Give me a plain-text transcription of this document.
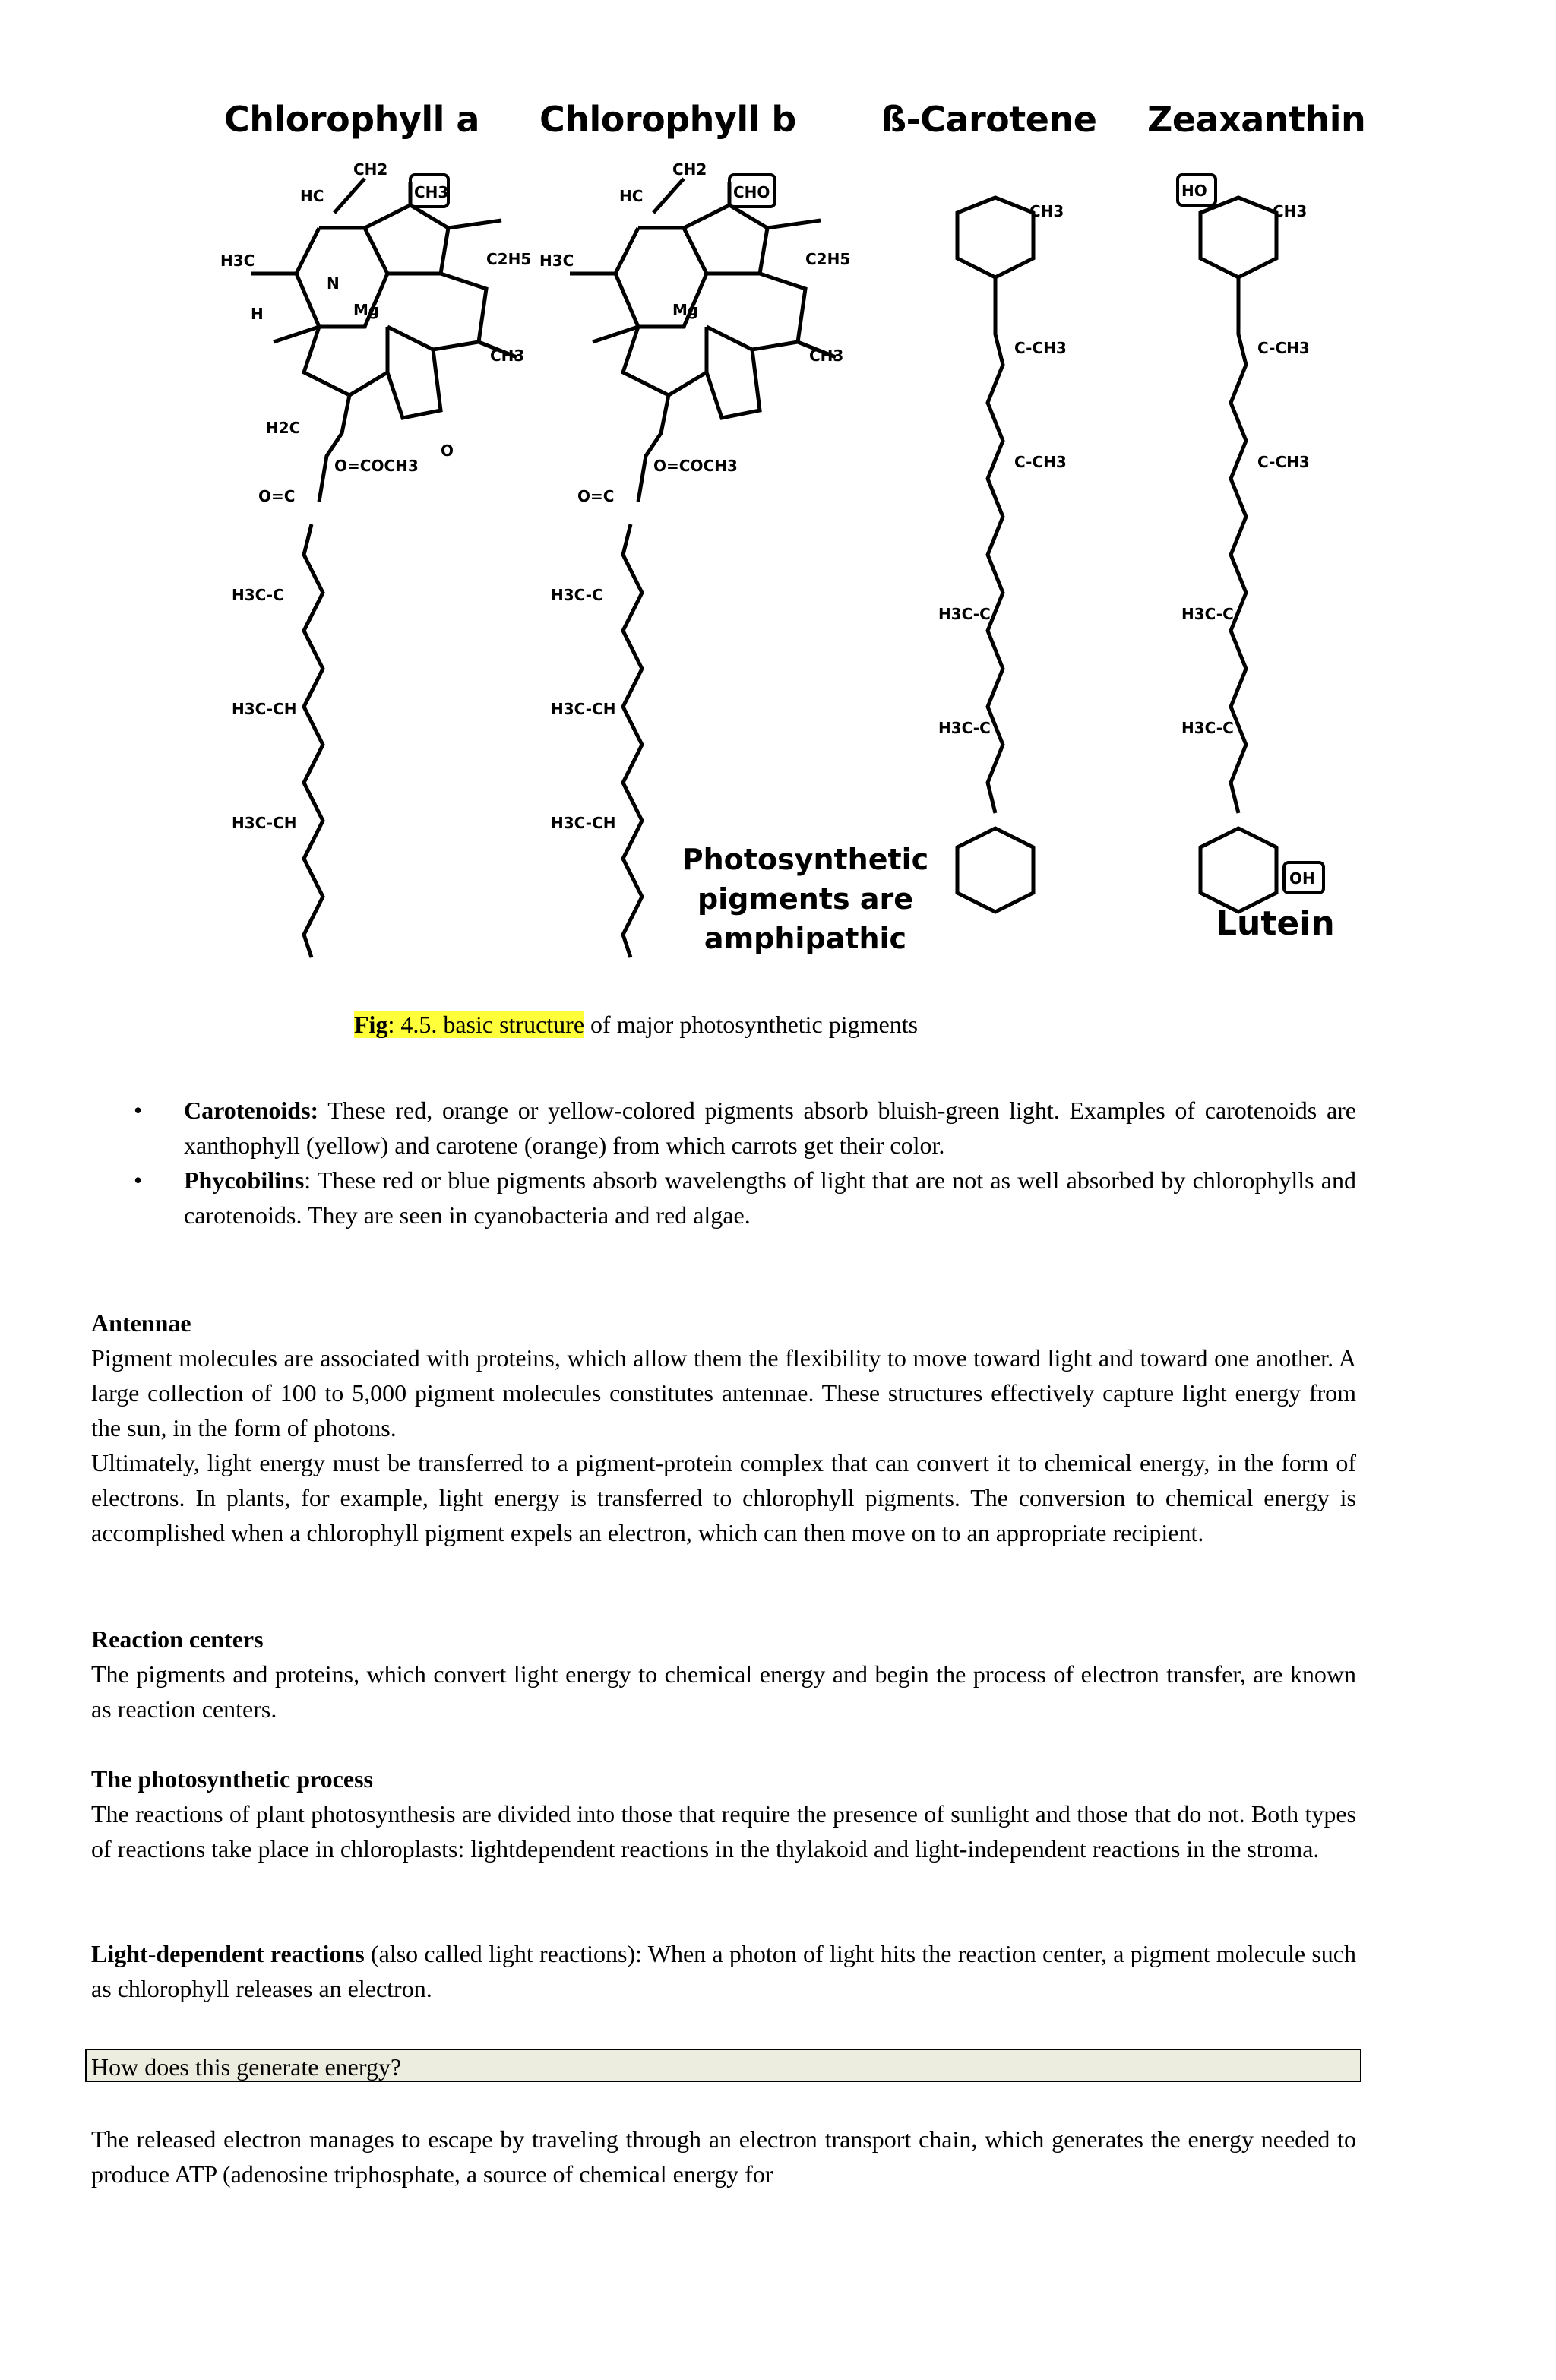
Chlorophyll a Chlorophyll b ß-Carotene Zeaxanthin
CH2
HC	CH3
H3C	C2H5
Mg
N
CH3
H
O=COCH3
O=C
O
H2C
CH2
HC	CHO
H3C	C2H5
Mg
CH3
O=COCH3
O=C
H3C-C
H3C-CH
H3C-CH
H3C-C
H3C-CH
H3C-CH
C-CH3
C-CH3
H3C-C
H3C-C
CH3
HO
C-CH3
C-CH3
H3C-C
H3C-C
CH3
OH
Photosynthetic
pigments are
amphipathic	Lutein
Fig: 4.5. basic structure of major photosynthetic pigments
• Carotenoids: These red, orange or yellow-colored pigments absorb bluish-green light. Examples of carotenoids are xanthophyll (yellow) and carotene (orange) from which carrots get their color.
• Phycobilins: These red or blue pigments absorb wavelengths of light that are not as well absorbed by chlorophylls and carotenoids. They are seen in cyanobacteria and red algae.
Antennae

Pigment molecules are associated with proteins, which allow them the flexibility to move toward light and toward one another. A large collection of 100 to 5,000 pigment molecules constitutes antennae. These structures effectively capture light energy from the sun, in the form of photons.

Ultimately, light energy must be transferred to a pigment-protein complex that can convert it to chemical energy, in the form of electrons. In plants, for example, light energy is transferred to chlorophyll pigments. The conversion to chemical energy is accomplished when a chlorophyll pigment expels an electron, which can then move on to an appropriate recipient.

Reaction centers

The pigments and proteins, which convert light energy to chemical energy and begin the process of electron transfer, are known as reaction centers.

The photosynthetic process

The reactions of plant photosynthesis are divided into those that require the presence of sunlight and those that do not. Both types of reactions take place in chloroplasts: lightdependent reactions in the thylakoid and light-independent reactions in the stroma.

Light-dependent reactions (also called light reactions): When a photon of light hits the reaction center, a pigment molecule such as chlorophyll releases an electron.

How does this generate energy?

The released electron manages to escape by traveling through an electron transport chain, which generates the energy needed to produce ATP (adenosine triphosphate, a source of chemical energy for
